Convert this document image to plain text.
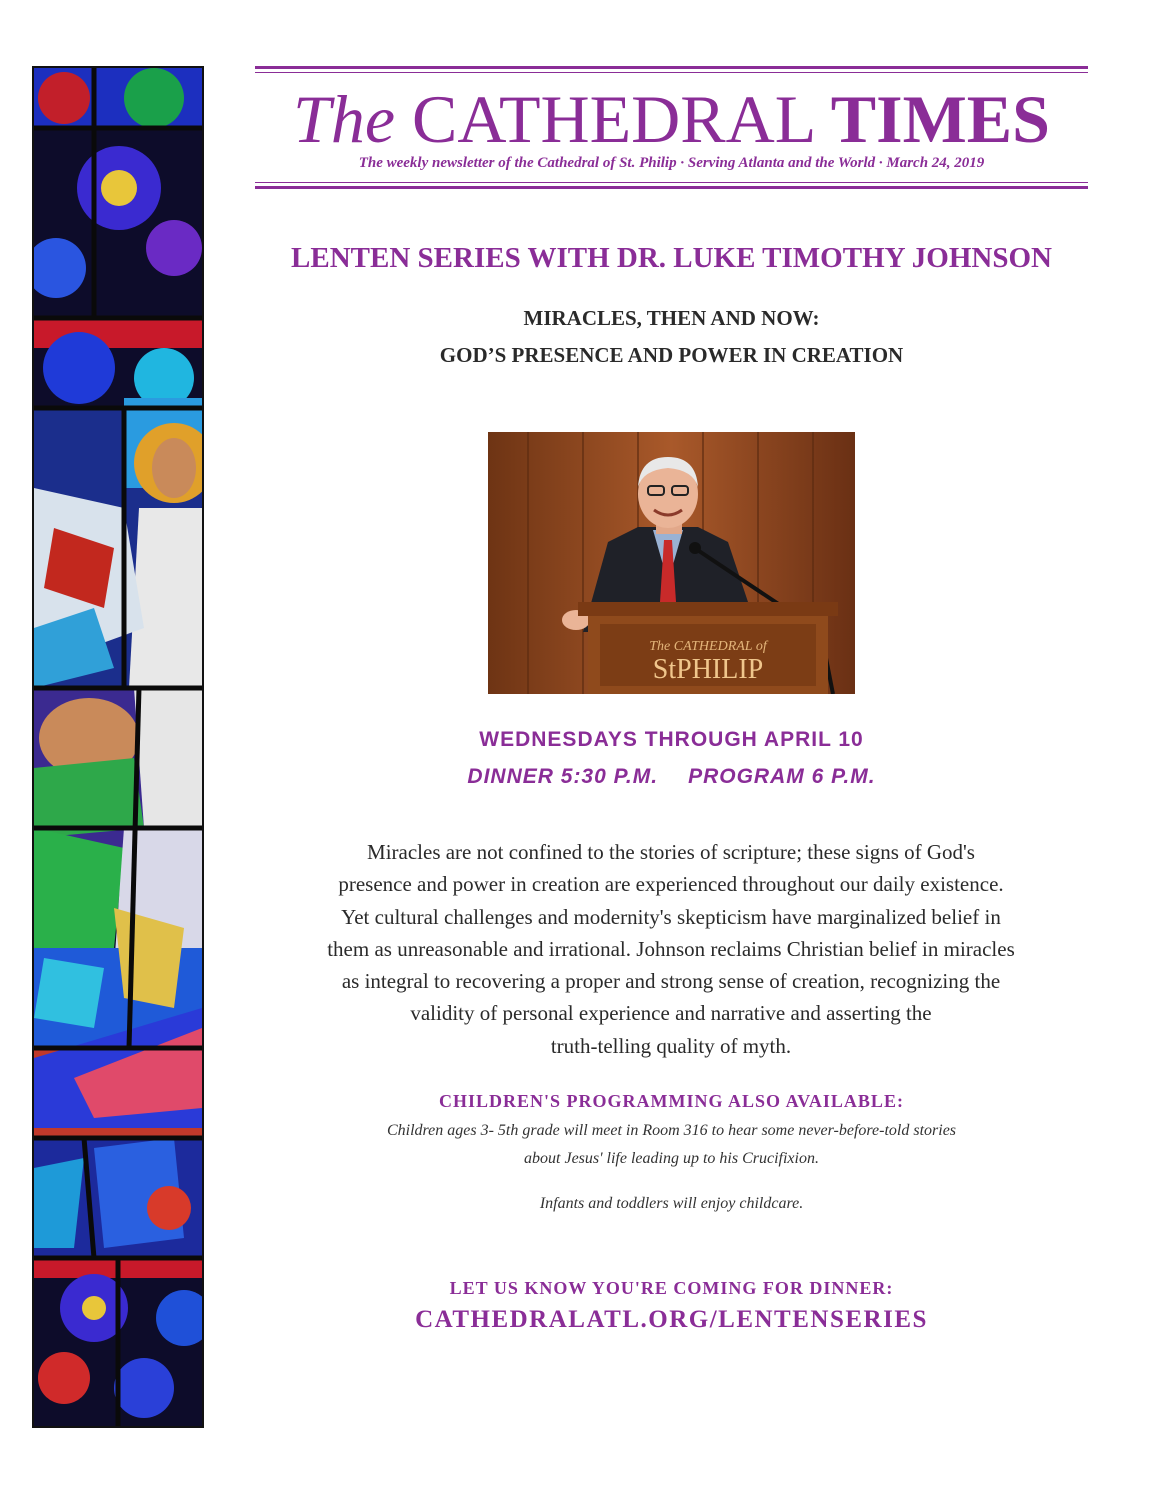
The CATHEDRAL TIMES
The weekly newsletter of the Cathedral of St. Philip · Serving Atlanta and the World · March 24, 2019
LENTEN SERIES WITH DR. LUKE TIMOTHY JOHNSON
MIRACLES, THEN AND NOW:
GOD’S PRESENCE AND POWER IN CREATION
The CATHEDRAL of
StPHILIP
WEDNESDAYS THROUGH APRIL 10
DINNER 5:30 P.M. PROGRAM 6 P.M.
Miracles are not confined to the stories of scripture; these signs of God's
presence and power in creation are experienced throughout our daily existence.
Yet cultural challenges and modernity's skepticism have marginalized belief in
them as unreasonable and irrational. Johnson reclaims Christian belief in miracles
as integral to recovering a proper and strong sense of creation, recognizing the
validity of personal experience and narrative and asserting the
truth-telling quality of myth.
CHILDREN'S PROGRAMMING ALSO AVAILABLE:
Children ages 3- 5th grade will meet in Room 316 to hear some never-before-told stories
about Jesus' life leading up to his Crucifixion.
Infants and toddlers will enjoy childcare.
LET US KNOW YOU'RE COMING FOR DINNER:
CATHEDRALATL.ORG/LENTENSERIES
